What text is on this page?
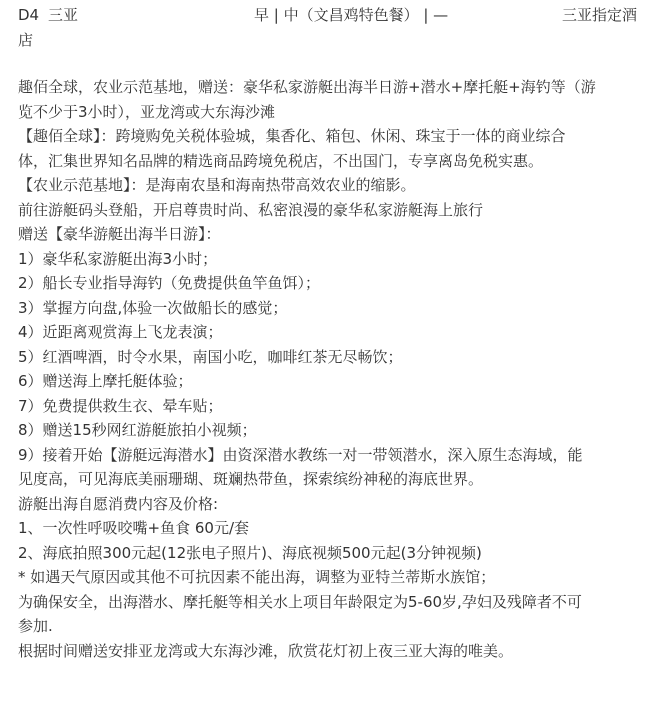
D4 三亚	早 | 中（文昌鸡特色餐） | —	三亚指定酒
店
趣佰全球，农业示范基地，赠送：豪华私家游艇出海半日游+潜水+摩托艇+海钓等（游
览不少于3小时），亚龙湾或大东海沙滩
【趣佰全球】：跨境购免关税体验城，集香化、箱包、休闲、珠宝于一体的商业综合
体，汇集世界知名品牌的精选商品跨境免税店，不出国门，专享离岛免税实惠。
【农业示范基地】：是海南农垦和海南热带高效农业的缩影。
前往游艇码头登船，开启尊贵时尚、私密浪漫的豪华私家游艇海上旅行
赠送【豪华游艇出海半日游】：
1）豪华私家游艇出海3小时；
2）船长专业指导海钓（免费提供鱼竿鱼饵）；
3）掌握方向盘,体验一次做船长的感觉；
4）近距离观赏海上飞龙表演；
5）红酒啤酒，时令水果，南国小吃，咖啡红茶无尽畅饮；
6）赠送海上摩托艇体验；
7）免费提供救生衣、晕车贴；
8）赠送15秒网红游艇旅拍小视频；
9）接着开始【游艇远海潜水】由资深潜水教练一对一带领潜水，深入原生态海域，能
见度高，可见海底美丽珊瑚、斑斓热带鱼，探索缤纷神秘的海底世界。
游艇出海自愿消费内容及价格:
1、一次性呼吸咬嘴+鱼食 60元/套
2、海底拍照300元起(12张电子照片)、海底视频500元起(3分钟视频)
* 如遇天气原因或其他不可抗因素不能出海，调整为亚特兰蒂斯水族馆；
为确保安全，出海潜水、摩托艇等相关水上项目年龄限定为5-60岁,孕妇及残障者不可
参加.
根据时间赠送安排亚龙湾或大东海沙滩，欣赏花灯初上夜三亚大海的唯美。
